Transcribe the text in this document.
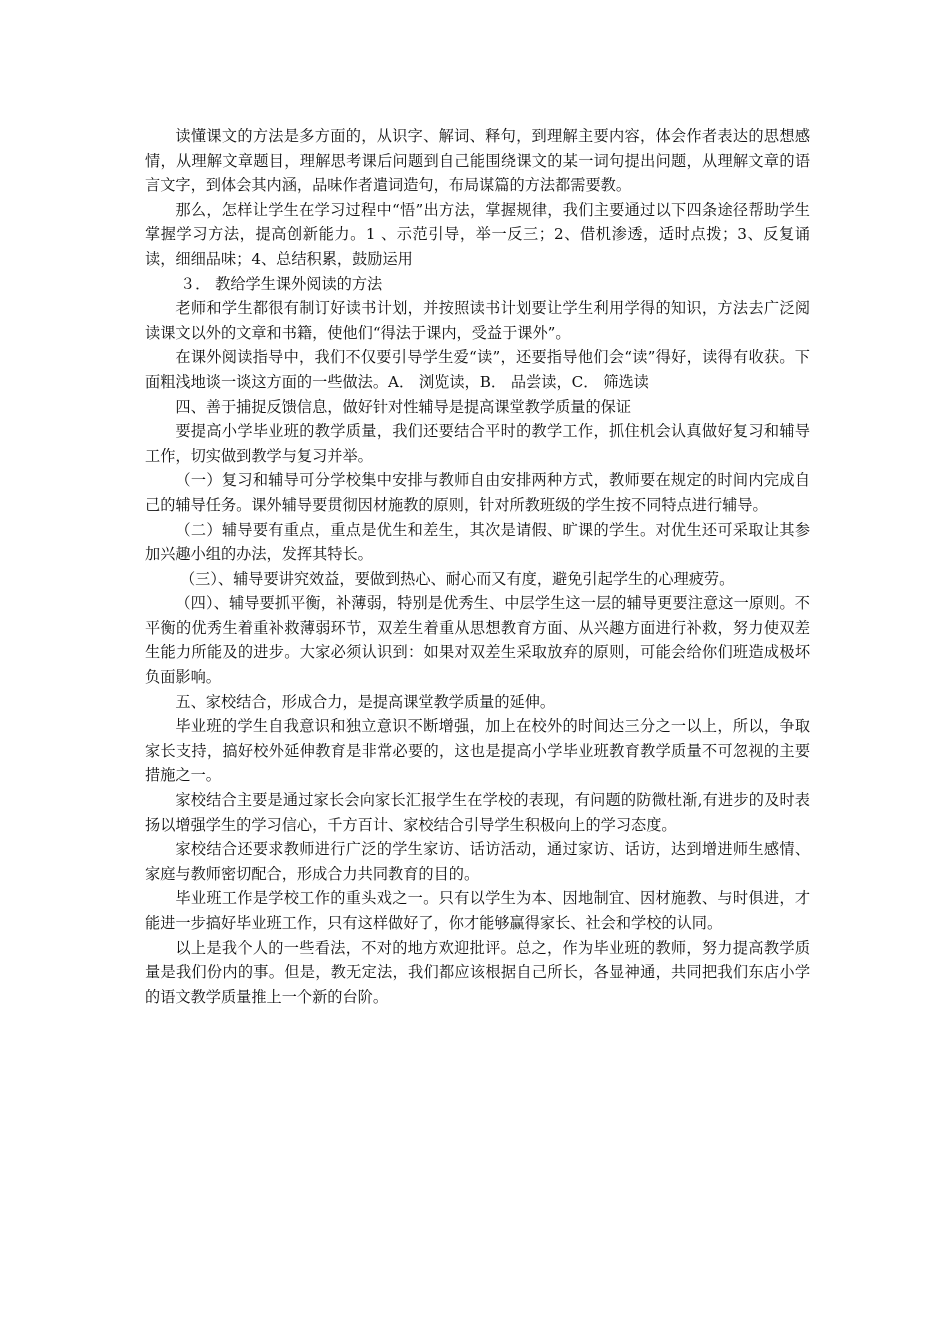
读懂课文的方法是多方面的，从识字、解词、释句，到理解主要内容，体会作者表达的思想感情，从理解文章题目，理解思考课后问题到自己能围绕课文的某一词句提出问题，从理解文章的语言文字，到体会其内涵，品味作者遣词造句，布局谋篇的方法都需要教。

那么，怎样让学生在学习过程中“悟”出方法，掌握规律，我们主要通过以下四条途径帮助学生掌握学习方法，提高创新能力。1 、示范引导，举一反三；2、借机渗透，适时点拨；3、反复诵读，细细品味；4、总结积累，鼓励运用

３． 教给学生课外阅读的方法

老师和学生都很有制订好读书计划，并按照读书计划要让学生利用学得的知识，方法去广泛阅读课文以外的文章和书籍，使他们“得法于课内，受益于课外”。

在课外阅读指导中，我们不仅要引导学生爱“读”，还要指导他们会“读”得好，读得有收获。下面粗浅地谈一谈这方面的一些做法。A． 浏览读，B． 品尝读，C． 筛选读

四、善于捕捉反馈信息，做好针对性辅导是提高课堂教学质量的保证

要提高小学毕业班的教学质量，我们还要结合平时的教学工作，抓住机会认真做好复习和辅导工作，切实做到教学与复习并举。

（一）复习和辅导可分学校集中安排与教师自由安排两种方式，教师要在规定的时间内完成自己的辅导任务。课外辅导要贯彻因材施教的原则，针对所教班级的学生按不同特点进行辅导。

（二）辅导要有重点，重点是优生和差生，其次是请假、旷课的学生。对优生还可采取让其参加兴趣小组的办法，发挥其特长。

（三）、辅导要讲究效益，要做到热心、耐心而又有度，避免引起学生的心理疲劳。

（四）、辅导要抓平衡，补薄弱，特别是优秀生、中层学生这一层的辅导更要注意这一原则。不平衡的优秀生着重补救薄弱环节，双差生着重从思想教育方面、从兴趣方面进行补救，努力使双差生能力所能及的进步。大家必须认识到：如果对双差生采取放弃的原则，可能会给你们班造成极坏负面影响。

五、家校结合，形成合力，是提高课堂教学质量的延伸。

毕业班的学生自我意识和独立意识不断增强，加上在校外的时间达三分之一以上，所以，争取家长支持，搞好校外延伸教育是非常必要的，这也是提高小学毕业班教育教学质量不可忽视的主要措施之一。

家校结合主要是通过家长会向家长汇报学生在学校的表现，有问题的防微杜渐,有进步的及时表扬以增强学生的学习信心，千方百计、家校结合引导学生积极向上的学习态度。

家校结合还要求教师进行广泛的学生家访、话访活动，通过家访、话访，达到增进师生感情、家庭与教师密切配合，形成合力共同教育的目的。

毕业班工作是学校工作的重头戏之一。只有以学生为本、因地制宜、因材施教、与时俱进，才能进一步搞好毕业班工作，只有这样做好了，你才能够赢得家长、社会和学校的认同。

以上是我个人的一些看法，不对的地方欢迎批评。总之，作为毕业班的教师，努力提高教学质量是我们份内的事。但是，教无定法，我们都应该根据自己所长，各显神通，共同把我们东店小学的语文教学质量推上一个新的台阶。
